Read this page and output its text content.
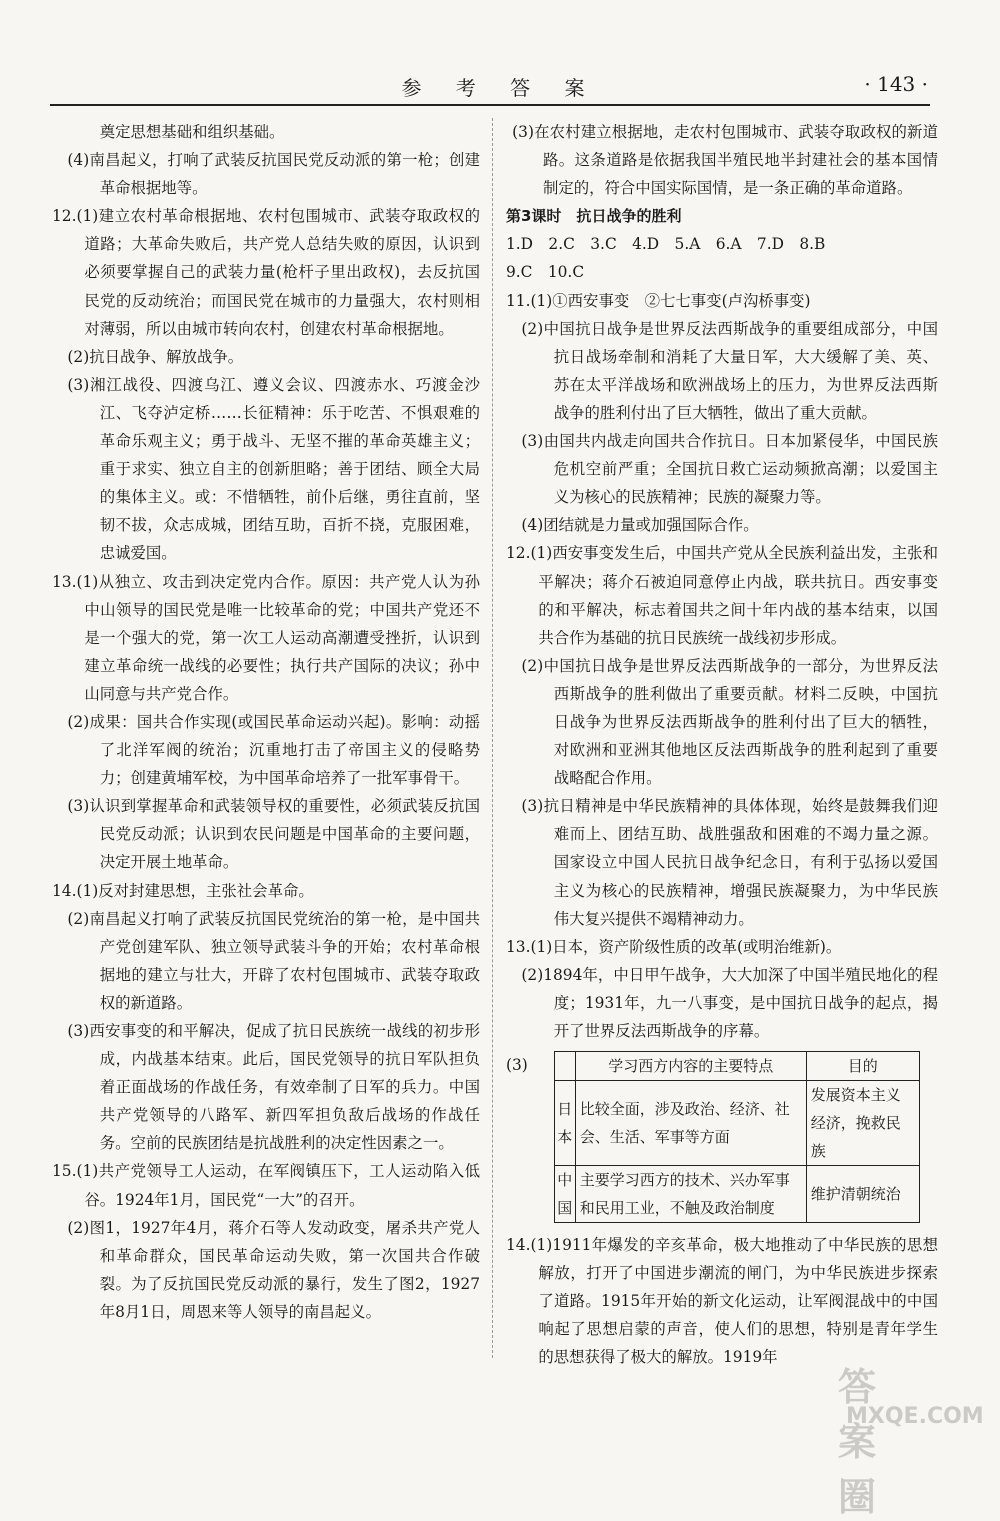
参 考 答 案	· 143 ·

奠定思想基础和组织基础。

(4)南昌起义，打响了武装反抗国民党反动派的第一枪；创建革命根据地等。

12.(1)建立农村革命根据地、农村包围城市、武装夺取政权的道路；大革命失败后，共产党人总结失败的原因，认识到必须要掌握自己的武装力量(枪杆子里出政权)，去反抗国民党的反动统治；而国民党在城市的力量强大，农村则相对薄弱，所以由城市转向农村，创建农村革命根据地。

(2)抗日战争、解放战争。

(3)湘江战役、四渡乌江、遵义会议、四渡赤水、巧渡金沙江、飞夺泸定桥……长征精神：乐于吃苦、不惧艰难的革命乐观主义；勇于战斗、无坚不摧的革命英雄主义；重于求实、独立自主的创新胆略；善于团结、顾全大局的集体主义。或：不惜牺牲，前仆后继，勇往直前，坚韧不拔，众志成城，团结互助，百折不挠，克服困难，忠诚爱国。

13.(1)从独立、攻击到决定党内合作。原因：共产党人认为孙中山领导的国民党是唯一比较革命的党；中国共产党还不是一个强大的党，第一次工人运动高潮遭受挫折，认识到建立革命统一战线的必要性；执行共产国际的决议；孙中山同意与共产党合作。

(2)成果：国共合作实现(或国民革命运动兴起)。影响：动摇了北洋军阀的统治；沉重地打击了帝国主义的侵略势力；创建黄埔军校，为中国革命培养了一批军事骨干。

(3)认识到掌握革命和武装领导权的重要性，必须武装反抗国民党反动派；认识到农民问题是中国革命的主要问题，决定开展土地革命。

14.(1)反对封建思想，主张社会革命。

(2)南昌起义打响了武装反抗国民党统治的第一枪，是中国共产党创建军队、独立领导武装斗争的开始；农村革命根据地的建立与壮大，开辟了农村包围城市、武装夺取政权的新道路。

(3)西安事变的和平解决，促成了抗日民族统一战线的初步形成，内战基本结束。此后，国民党领导的抗日军队担负着正面战场的作战任务，有效牵制了日军的兵力。中国共产党领导的八路军、新四军担负敌后战场的作战任务。空前的民族团结是抗战胜利的决定性因素之一。

15.(1)共产党领导工人运动，在军阀镇压下，工人运动陷入低谷。1924年1月，国民党“一大”的召开。

(2)图1，1927年4月，蒋介石等人发动政变，屠杀共产党人和革命群众，国民革命运动失败，第一次国共合作破裂。为了反抗国民党反动派的暴行，发生了图2，1927年8月1日，周恩来等人领导的南昌起义。

(3)在农村建立根据地，走农村包围城市、武装夺取政权的新道路。这条道路是依据我国半殖民地半封建社会的基本国情制定的，符合中国实际国情，是一条正确的革命道路。

第3课时　抗日战争的胜利

1.D　2.C　3.C　4.D　5.A　6.A　7.D　8.B

9.C　10.C

11.(1)①西安事变　②七七事变(卢沟桥事变)

(2)中国抗日战争是世界反法西斯战争的重要组成部分，中国抗日战场牵制和消耗了大量日军，大大缓解了美、英、苏在太平洋战场和欧洲战场上的压力，为世界反法西斯战争的胜利付出了巨大牺牲，做出了重大贡献。

(3)由国共内战走向国共合作抗日。日本加紧侵华，中国民族危机空前严重；全国抗日救亡运动频掀高潮；以爱国主义为核心的民族精神；民族的凝聚力等。

(4)团结就是力量或加强国际合作。

12.(1)西安事变发生后，中国共产党从全民族利益出发，主张和平解决；蒋介石被迫同意停止内战，联共抗日。西安事变的和平解决，标志着国共之间十年内战的基本结束，以国共合作为基础的抗日民族统一战线初步形成。

(2)中国抗日战争是世界反法西斯战争的一部分，为世界反法西斯战争的胜利做出了重要贡献。材料二反映，中国抗日战争为世界反法西斯战争的胜利付出了巨大的牺牲，对欧洲和亚洲其他地区反法西斯战争的胜利起到了重要战略配合作用。

(3)抗日精神是中华民族精神的具体体现，始终是鼓舞我们迎难而上、团结互助、战胜强敌和困难的不竭力量之源。国家设立中国人民抗日战争纪念日，有利于弘扬以爱国主义为核心的民族精神，增强民族凝聚力，为中华民族伟大复兴提供不竭精神动力。

13.(1)日本，资产阶级性质的改革(或明治维新)。

(2)1894年，中日甲午战争，大大加深了中国半殖民地化的程度；1931年，九一八事变，是中国抗日战争的起点，揭开了世界反法西斯战争的序幕。

(3)
		学习西方内容的主要特点	目的
日本	比较全面，涉及政治、经济、社会、生活、军事等方面	发展资本主义经济，挽救民族
中国	主要学习西方的技术、兴办军事和民用工业，不触及政治制度	维护清朝统治

14.(1)1911年爆发的辛亥革命，极大地推动了中华民族的思想解放，打开了中国进步潮流的闸门，为中华民族进步探索了道路。1915年开始的新文化运动，让军阀混战中的中国响起了思想启蒙的声音，使人们的思想，特别是青年学生的思想获得了极大的解放。1919年

答案圈
MXQE.COM
